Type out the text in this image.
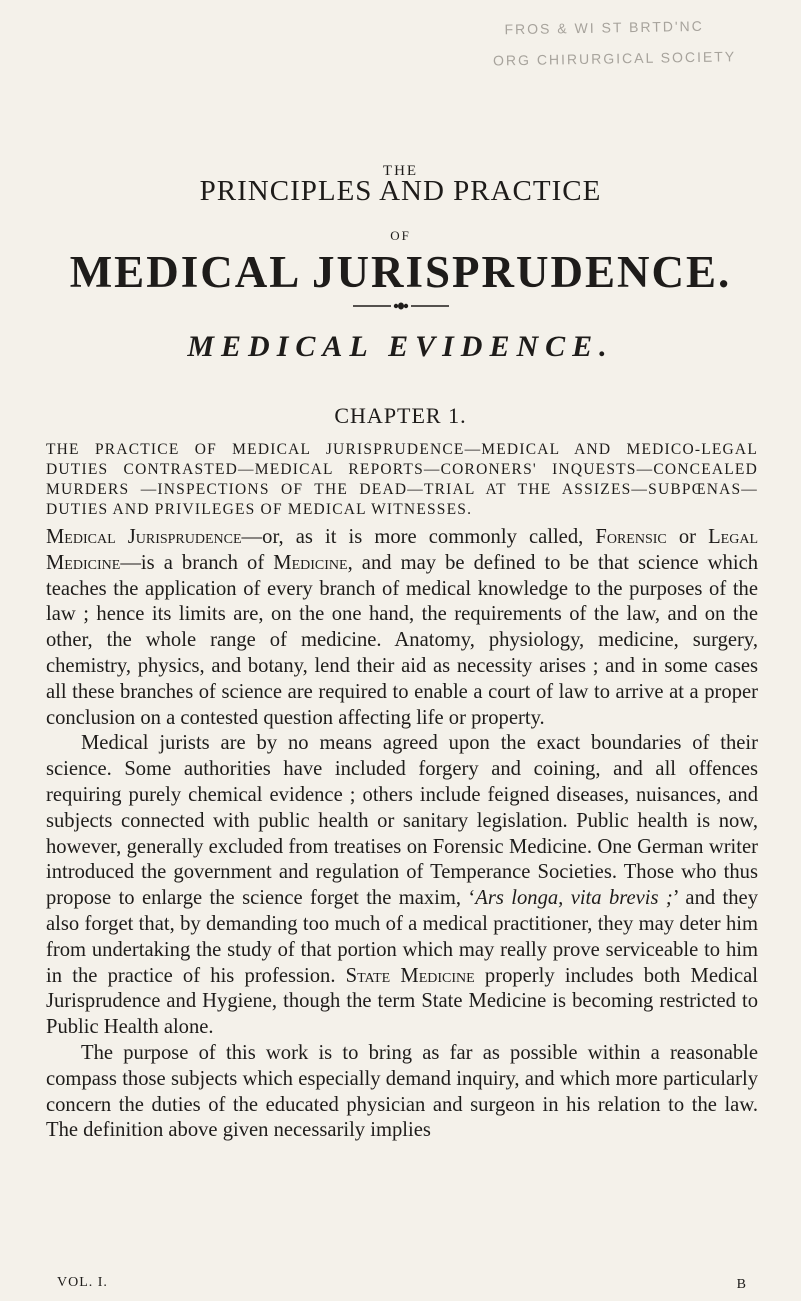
FROS & WI ST BRTD'NC
ORG CHIRURGICAL SOCIETY
THE
PRINCIPLES AND PRACTICE
OF
MEDICAL JURISPRUDENCE.
MEDICAL EVIDENCE.
CHAPTER 1.
THE PRACTICE OF MEDICAL JURISPRUDENCE—MEDICAL AND MEDICO-LEGAL DUTIES CONTRASTED—MEDICAL REPORTS—CORONERS' INQUESTS—CONCEALED MURDERS —INSPECTIONS OF THE DEAD—TRIAL AT THE ASSIZES—SUBPŒNAS—DUTIES AND PRIVILEGES OF MEDICAL WITNESSES.

Medical Jurisprudence—or, as it is more commonly called, Forensic or Legal Medicine—is a branch of Medicine, and may be defined to be that science which teaches the application of every branch of medical knowledge to the purposes of the law ; hence its limits are, on the one hand, the requirements of the law, and on the other, the whole range of medicine. Anatomy, physiology, medicine, surgery, chemistry, physics, and botany, lend their aid as necessity arises ; and in some cases all these branches of science are required to enable a court of law to arrive at a proper conclusion on a contested question affecting life or property.

Medical jurists are by no means agreed upon the exact boundaries of their science. Some authorities have included forgery and coining, and all offences requiring purely chemical evidence ; others include feigned diseases, nuisances, and subjects connected with public health or sanitary legislation. Public health is now, however, generally excluded from treatises on Forensic Medicine. One German writer introduced the government and regulation of Temperance Societies. Those who thus propose to enlarge the science forget the maxim, ‘Ars longa, vita brevis ;’ and they also forget that, by demanding too much of a medical practitioner, they may deter him from undertaking the study of that portion which may really prove serviceable to him in the practice of his profession. State Medicine properly includes both Medical Jurisprudence and Hygiene, though the term State Medicine is becoming restricted to Public Health alone.

The purpose of this work is to bring as far as possible within a reasonable compass those subjects which especially demand inquiry, and which more particularly concern the duties of the educated physician and surgeon in his relation to the law. The definition above given necessarily implies

VOL. I.	B
